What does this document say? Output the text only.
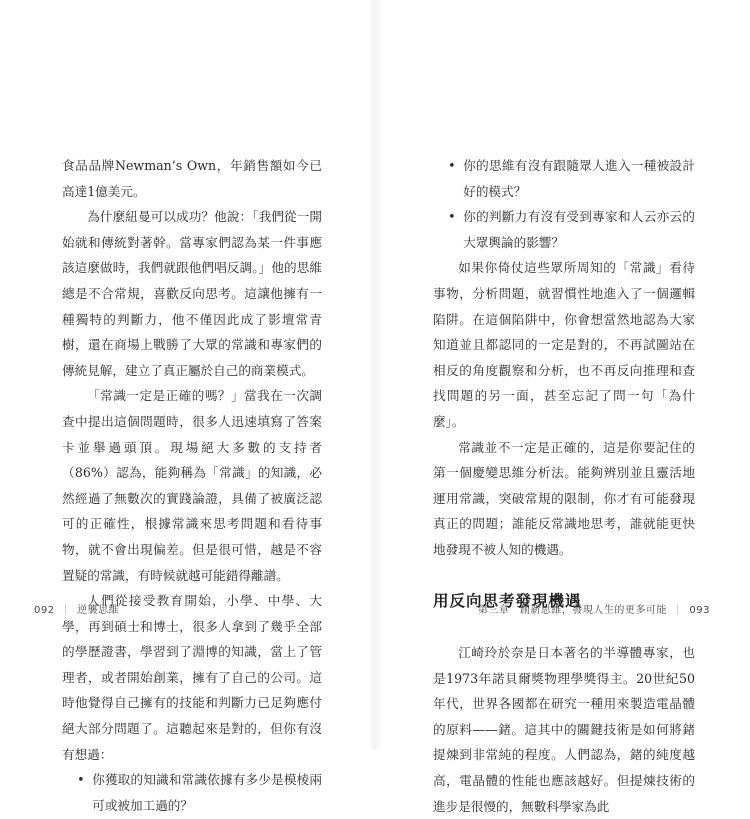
食品品牌Newman’s Own，年銷售額如今已高達1億美元。

為什麼紐曼可以成功？他說：「我們從一開始就和傳統對著幹。當專家們認為某一件事應該這麼做時，我們就跟他們唱反調。」他的思維總是不合常規，喜歡反向思考。這讓他擁有一種獨特的判斷力，他不僅因此成了影壇常青樹，還在商場上戰勝了大眾的常識和專家們的傳統見解，建立了真正屬於自己的商業模式。

「常識一定是正確的嗎？」當我在一次調查中提出這個問題時，很多人迅速填寫了答案卡並舉過頭頂。現場絕大多數的支持者（86%）認為，能夠稱為「常識」的知識，必然經過了無數次的實踐論證，具備了被廣泛認可的正確性，根據常識來思考問題和看待事物，就不會出現偏差。但是很可惜，越是不容置疑的常識，有時候就越可能錯得離譜。

人們從接受教育開始，小學、中學、大學，再到碩士和博士，很多人拿到了幾乎全部的學歷證書，學習到了淵博的知識，當上了管理者，或者開始創業，擁有了自己的公司。這時他覺得自己擁有的技能和判斷力已足夠應付絕大部分問題了。這聽起來是對的，但你有沒有想過：

• 你獲取的知識和常識依據有多少是模棱兩可或被加工過的？
092 ｜ 逆襲思維
• 你的思維有沒有跟隨眾人進入一種被設計好的模式？
• 你的判斷力有沒有受到專家和人云亦云的大眾輿論的影響？

如果你倚仗這些眾所周知的「常識」看待事物，分析問題，就習慣性地進入了一個邏輯陷阱。在這個陷阱中，你會想當然地認為大家知道並且都認同的一定是對的，不再試圖站在相反的角度觀察和分析，也不再反向推理和查找問題的另一面，甚至忘記了問一句「為什麼」。

常識並不一定是正確的，這是你要記住的第一個慶變思維分析法。能夠辨別並且靈活地運用常識，突破常規的限制，你才有可能發現真正的問題；誰能反常識地思考，誰就能更快地發現不被人知的機遇。

用反向思考發現機遇

江崎玲於奈是日本著名的半導體專家，也是1973年諾貝爾獎物理學獎得主。20世紀50年代，世界各國都在研究一種用來製造電晶體的原料——鍺。這其中的關鍵技術是如何將鍺提煉到非常純的程度。人們認為，鍺的純度越高，電晶體的性能也應該越好。但提煉技術的進步是很慢的，無數科學家為此

第三章　創新思維，發現人生的更多可能 ｜ 093
